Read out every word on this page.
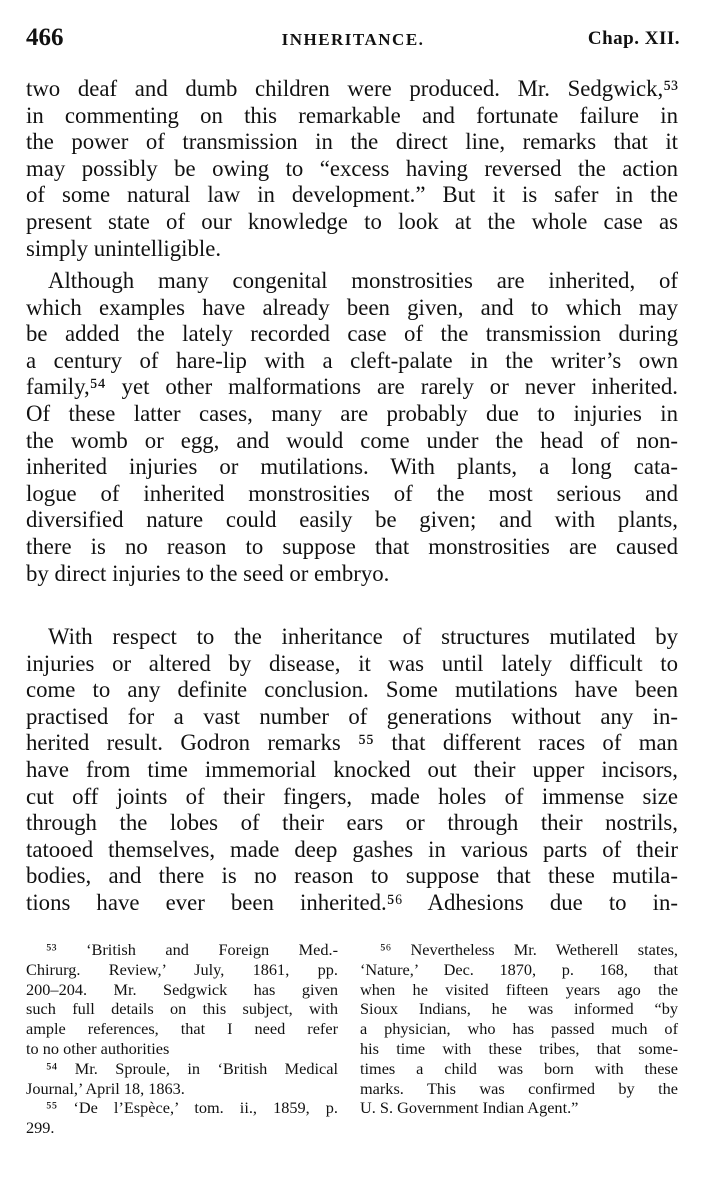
466	INHERITANCE.	Chap. XII.
two deaf and dumb children were produced. Mr. Sedgwick,⁵³
in commenting on this remarkable and fortunate failure in
the power of transmission in the direct line, remarks that it
may possibly be owing to “excess having reversed the action
of some natural law in development.” But it is safer in the
present state of our knowledge to look at the whole case as
simply unintelligible.
Although many congenital monstrosities are inherited, of
which examples have already been given, and to which may
be added the lately recorded case of the transmission during
a century of hare-lip with a cleft-palate in the writer’s own
family,⁵⁴ yet other malformations are rarely or never inherited.
Of these latter cases, many are probably due to injuries in
the womb or egg, and would come under the head of non-
inherited injuries or mutilations. With plants, a long cata-
logue of inherited monstrosities of the most serious and
diversified nature could easily be given; and with plants,
there is no reason to suppose that monstrosities are caused
by direct injuries to the seed or embryo.
With respect to the inheritance of structures mutilated by
injuries or altered by disease, it was until lately difficult to
come to any definite conclusion. Some mutilations have been
practised for a vast number of generations without any in-
herited result. Godron remarks ⁵⁵ that different races of man
have from time immemorial knocked out their upper incisors,
cut off joints of their fingers, made holes of immense size
through the lobes of their ears or through their nostrils,
tatooed themselves, made deep gashes in various parts of their
bodies, and there is no reason to suppose that these mutila-
tions have ever been inherited.⁵⁶ Adhesions due to in-
⁵³ ‘British and Foreign Med.-
Chirurg. Review,’ July, 1861, pp.
200–204. Mr. Sedgwick has given
such full details on this subject, with
ample references, that I need refer
to no other authorities
⁵⁴ Mr. Sproule, in ‘British Medical
Journal,’ April 18, 1863.
⁵⁵ ‘De l’Espèce,’ tom. ii., 1859, p.
299.
⁵⁶ Nevertheless Mr. Wetherell states,
‘Nature,’ Dec. 1870, p. 168, that
when he visited fifteen years ago the
Sioux Indians, he was informed “by
a physician, who has passed much of
his time with these tribes, that some-
times a child was born with these
marks. This was confirmed by the
U. S. Government Indian Agent.”
